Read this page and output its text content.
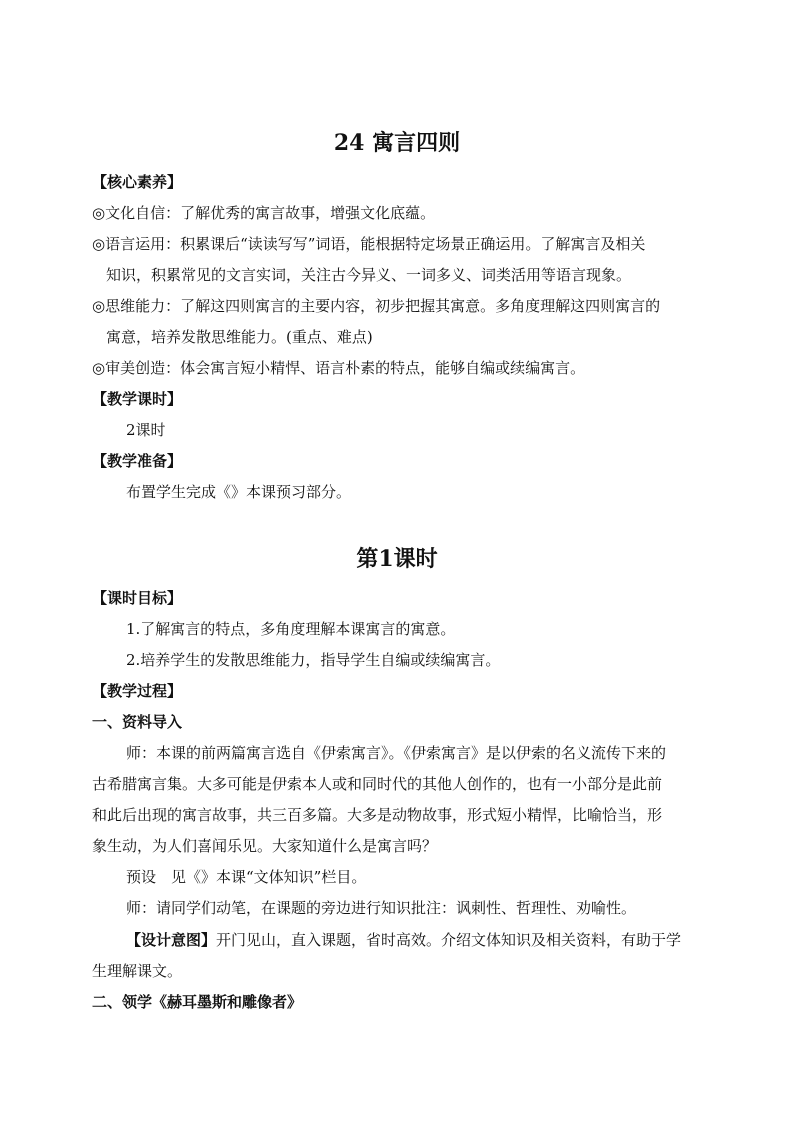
24 寓言四则
【核心素养】
◎文化自信：了解优秀的寓言故事，增强文化底蕴。
◎语言运用：积累课后“读读写写”词语，能根据特定场景正确运用。了解寓言及相关
知识，积累常见的文言实词，关注古今异义、一词多义、词类活用等语言现象。
◎思维能力：了解这四则寓言的主要内容，初步把握其寓意。多角度理解这四则寓言的
寓意，培养发散思维能力。(重点、难点)
◎审美创造：体会寓言短小精悍、语言朴素的特点，能够自编或续编寓言。
【教学课时】
2课时
【教学准备】
布置学生完成《》本课预习部分。
第1课时
【课时目标】
1.了解寓言的特点，多角度理解本课寓言的寓意。
2.培养学生的发散思维能力，指导学生自编或续编寓言。
【教学过程】
一、资料导入
师：本课的前两篇寓言选自《伊索寓言》。《伊索寓言》是以伊索的名义流传下来的
古希腊寓言集。大多可能是伊索本人或和同时代的其他人创作的，也有一小部分是此前
和此后出现的寓言故事，共三百多篇。大多是动物故事，形式短小精悍，比喻恰当，形
象生动，为人们喜闻乐见。大家知道什么是寓言吗？
预设　见《》本课“文体知识”栏目。
师：请同学们动笔，在课题的旁边进行知识批注：讽刺性、哲理性、劝喻性。
【设计意图】开门见山，直入课题，省时高效。介绍文体知识及相关资料，有助于学
生理解课文。
二、领学《赫耳墨斯和雕像者》
